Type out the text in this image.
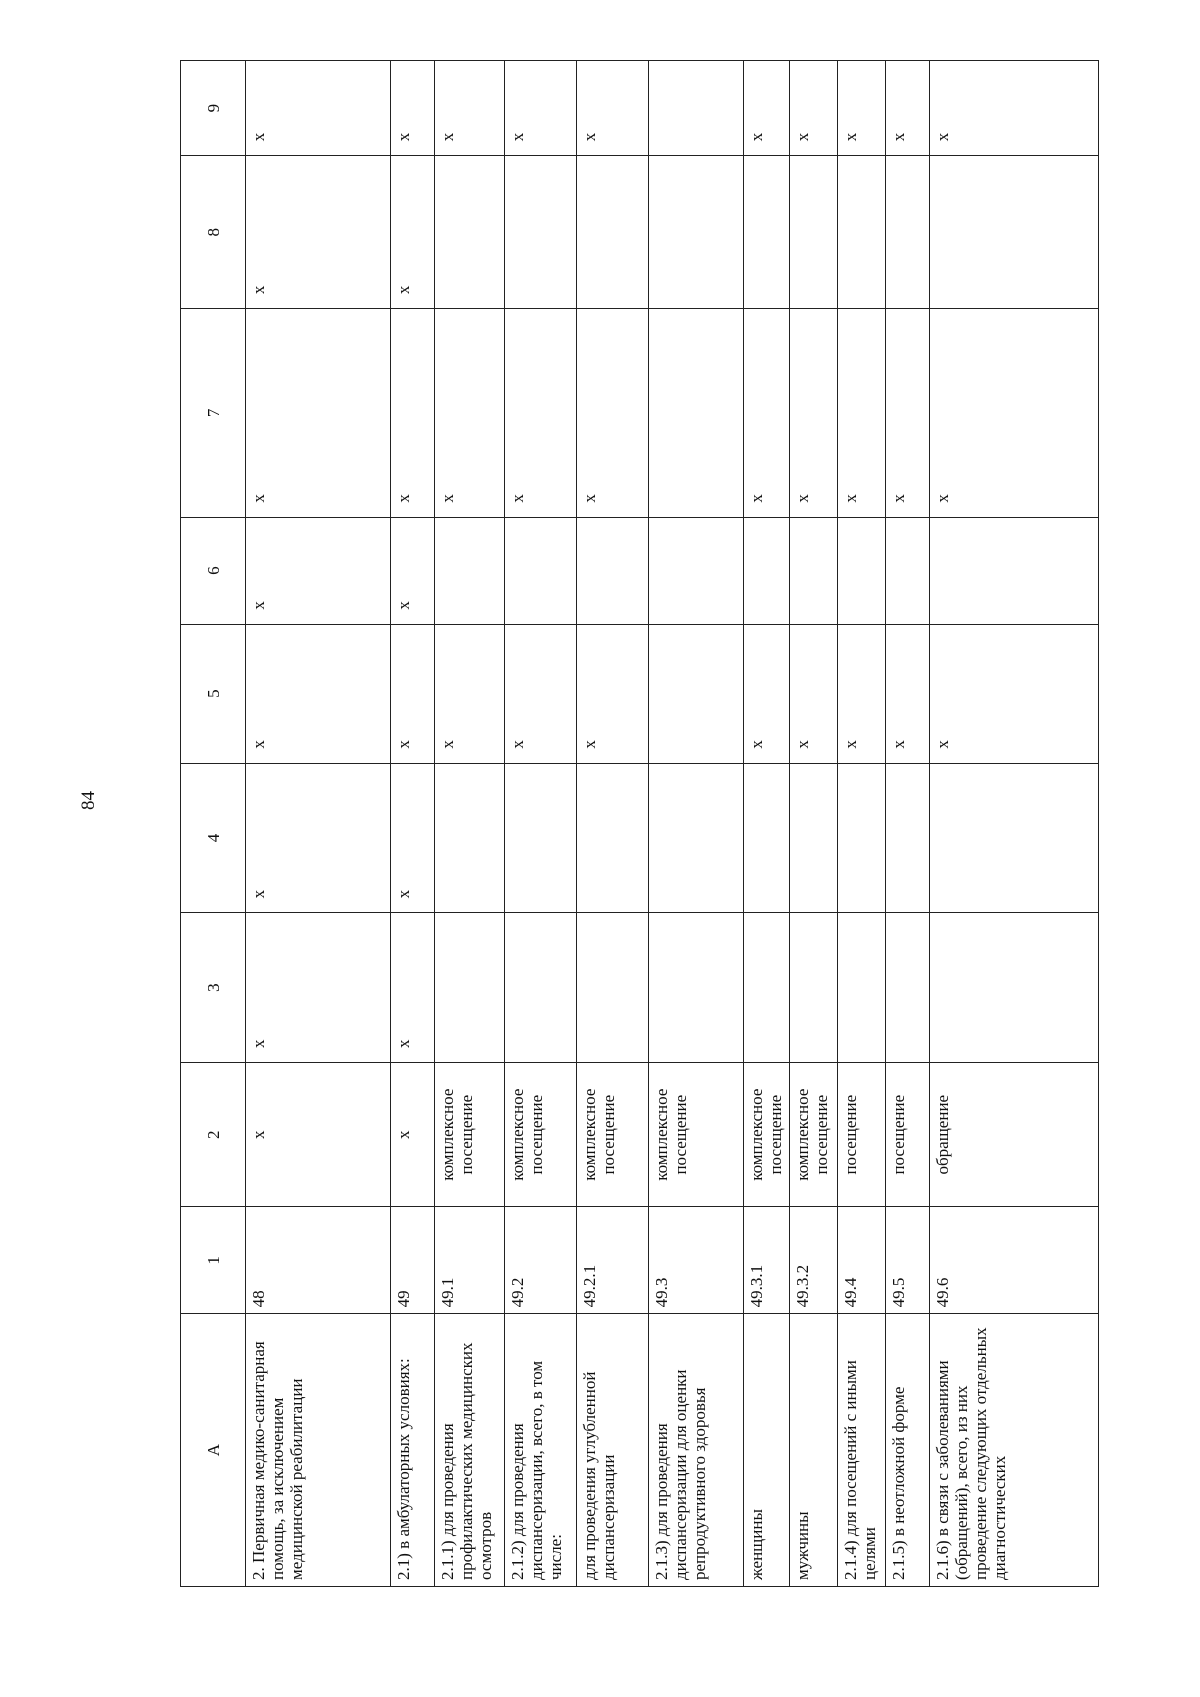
84
А	1	2	3	4	5	6	7	8	9
2. Первичная медико-санитарная помощь, за исключением медицинской реабилитации	48	х	х	х	х	х	х	х	х
2.1) в амбулаторных условиях:	49	х	х	х	х	х	х	х	х
2.1.1) для проведения профилактических медицинских осмотров	49.1	комплексное посещение			х		х		х
2.1.2) для проведения диспансеризации, всего, в том числе:	49.2	комплексное посещение			х		х		х
для проведения углубленной диспансеризации	49.2.1	комплексное посещение			х		х		х
2.1.3) для проведения диспансеризации для оценки репродуктивного здоровья	49.3	комплексное посещение							
женщины	49.3.1	комплексное посещение			х		х		х
мужчины	49.3.2	комплексное посещение			х		х		х
2.1.4) для посещений с иными целями	49.4	посещение			х		х		х
2.1.5) в неотложной форме	49.5	посещение			х		х		х
2.1.6) в связи с заболеваниями (обращений), всего, из них проведение следующих отдельных диагностических	49.6	обращение			х		х		х
